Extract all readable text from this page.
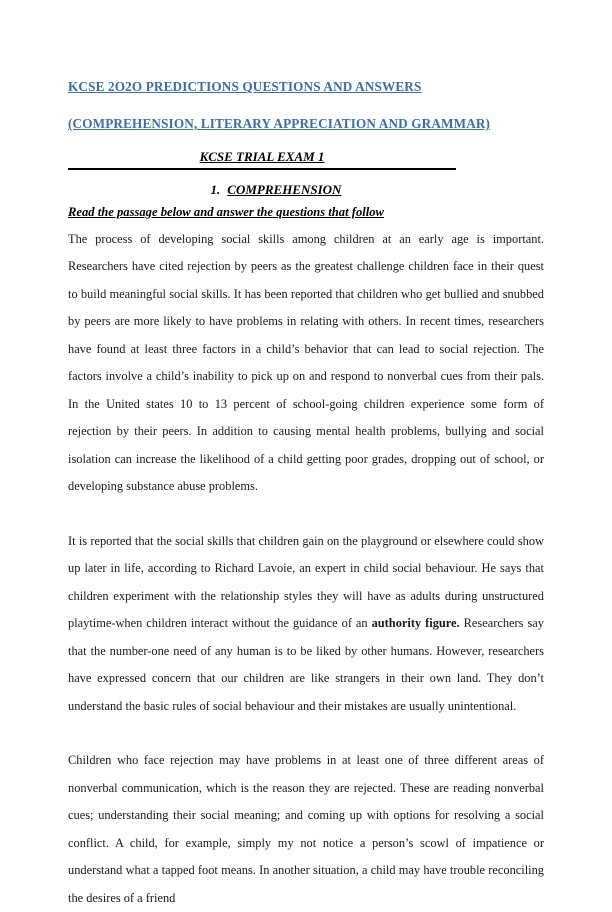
KCSE 2O2O PREDICTIONS QUESTIONS AND ANSWERS
(COMPREHENSION, LITERARY APPRECIATION AND GRAMMAR)
KCSE TRIAL EXAM 1
1. COMPREHENSION
Read the passage below and answer the questions that follow

The process of developing social skills among children at an early age is important. Researchers have cited rejection by peers as the greatest challenge children face in their quest to build meaningful social skills. It has been reported that children who get bullied and snubbed by peers are more likely to have problems in relating with others. In recent times, researchers have found at least three factors in a child’s behavior that can lead to social rejection. The factors involve a child’s inability to pick up on and respond to nonverbal cues from their pals. In the United states 10 to 13 percent of school-going children experience some form of rejection by their peers. In addition to causing mental health problems, bullying and social isolation can increase the likelihood of a child getting poor grades, dropping out of school, or developing substance abuse problems.

It is reported that the social skills that children gain on the playground or elsewhere could show up later in life, according to Richard Lavoie, an expert in child social behaviour. He says that children experiment with the relationship styles they will have as adults during unstructured playtime-when children interact without the guidance of an authority figure. Researchers say that the number-one need of any human is to be liked by other humans. However, researchers have expressed concern that our children are like strangers in their own land. They don’t understand the basic rules of social behaviour and their mistakes are usually unintentional.

Children who face rejection may have problems in at least one of three different areas of nonverbal communication, which is the reason they are rejected. These are reading nonverbal cues; understanding their social meaning; and coming up with options for resolving a social conflict. A child, for example, simply my not notice a person’s scowl of impatience or understand what a tapped foot means. In another situation, a child may have trouble reconciling the desires of a friend
